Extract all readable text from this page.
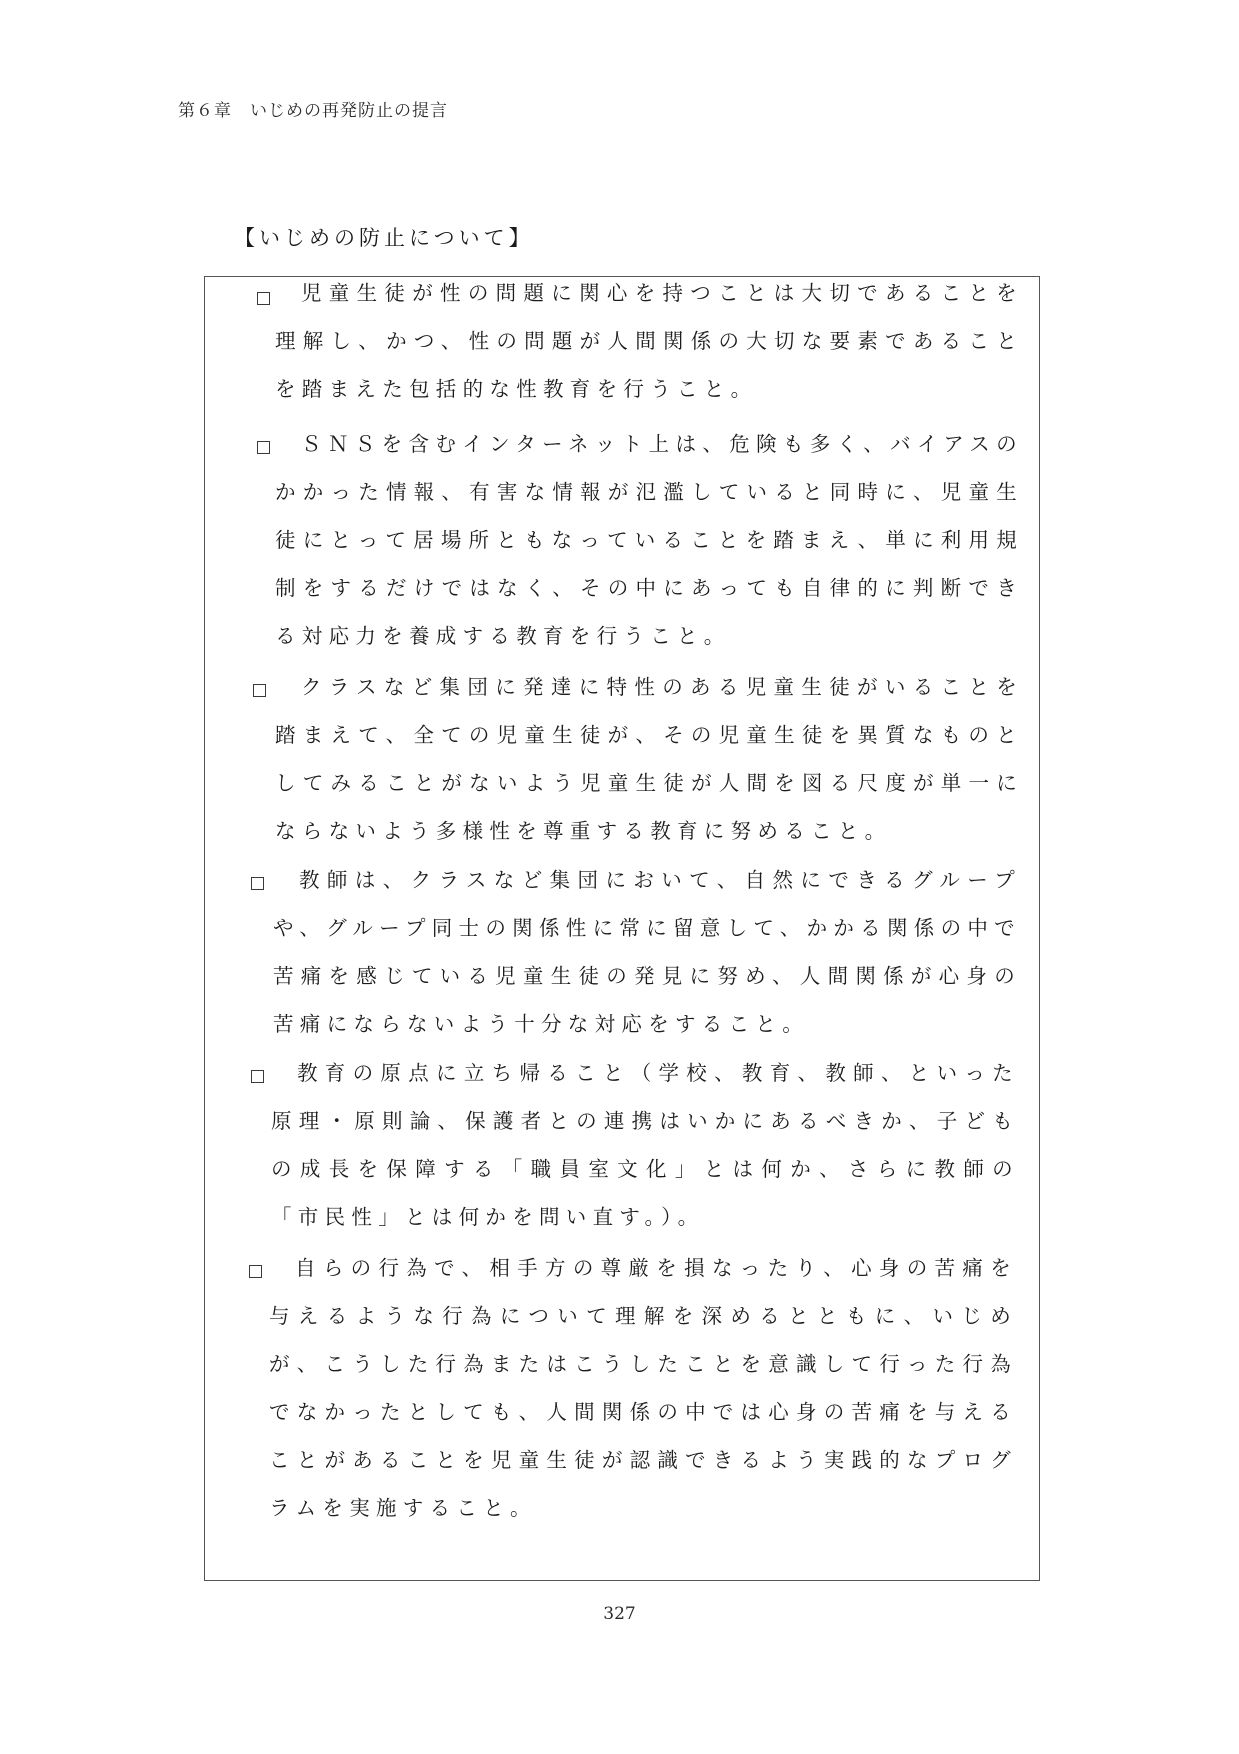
第６章　いじめの再発防止の提言
【いじめの防止について】

児童生徒が性の問題に関心を持つことは大切であることを理解し、かつ、性の問題が人間関係の大切な要素であることを踏まえた包括的な性教育を行うこと。

ＳＮＳを含むインターネット上は、危険も多く、バイアスのかかった情報、有害な情報が氾濫していると同時に、児童生徒にとって居場所ともなっていることを踏まえ、単に利用規制をするだけではなく、その中にあっても自律的に判断できる対応力を養成する教育を行うこと。

クラスなど集団に発達に特性のある児童生徒がいることを踏まえて、全ての児童生徒が、その児童生徒を異質なものとしてみることがないよう児童生徒が人間を図る尺度が単一にならないよう多様性を尊重する教育に努めること。

教師は、クラスなど集団において、自然にできるグループや、グループ同士の関係性に常に留意して、かかる関係の中で苦痛を感じている児童生徒の発見に努め、人間関係が心身の苦痛にならないよう十分な対応をすること。

教育の原点に立ち帰ること（学校、教育、教師、といった原理・原則論、保護者との連携はいかにあるべきか、子どもの成長を保障する「職員室文化」とは何か、さらに教師の「市民性」とは何かを問い直す。）。

自らの行為で、相手方の尊厳を損なったり、心身の苦痛を与えるような行為について理解を深めるとともに、いじめが、こうした行為またはこうしたことを意識して行った行為でなかったとしても、人間関係の中では心身の苦痛を与えることがあることを児童生徒が認識できるよう実践的なプログラムを実施すること。

327
